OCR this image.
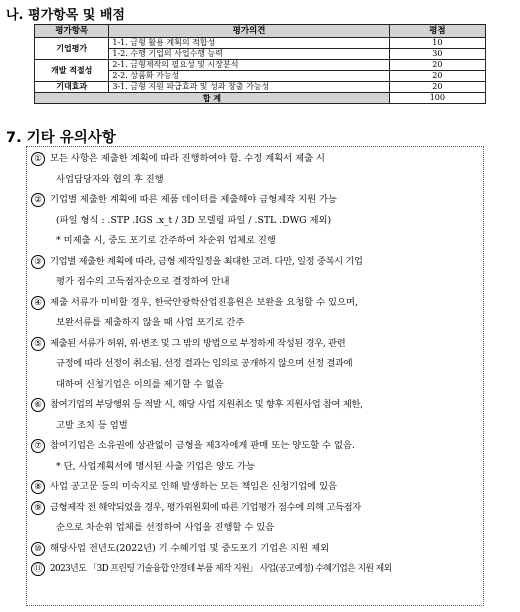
나. 평가항목 및 배점
평가항목	평가의견	평점
기업평가	1-1. 금형 활용 계획의 적합성	10
	1-2. 수행 기업의 사업수행 능력	30
개발 적절성	2-1. 금형제작의 필요성 및 시장분석	20
	2-2. 상품화 가능성	20
기대효과	3-1. 금형 지원 파급효과 및 성과 창출 가능성	20
합 계		100
7. 기타 유의사항
① 모든 사항은 제출한 계획에 따라 진행하여야 함. 수정 계획서 제출 시
사업담당자와 협의 후 진행
② 기업별 제출한 계획에 따른 제품 데이터를 제출해야 금형제작 지원 가능
(파일 형식 : .STP .IGS .x_t / 3D 모델링 파일 / .STL .DWG 제외)
* 미제출 시, 중도 포기로 간주하여 차순위 업체로 진행
③ 기업별 제출한 계획에 따라, 금형 제작일정을 최대한 고려. 다만, 일정 중복시 기업
평가 점수의 고득점자순으로 결정하여 안내
④ 제출 서류가 미비할 경우, 한국안광학산업진흥원은 보완을 요청할 수 있으며,
보완서류를 제출하지 않을 때 사업 포기로 간주
⑤ 제출된 서류가 허위, 위·변조 및 그 밖의 방법으로 부정하게 작성된 경우, 관련
규정에 따라 선정이 취소됨. 선정 결과는 임의로 공개하지 않으며 선정 결과에
대하여 신청기업은 이의를 제기할 수 없음
⑥ 참여기업의 부당행위 등 적발 시, 해당 사업 지원취소 및 향후 지원사업 참여 제한,
고발 조치 등 엄벌
⑦ 참여기업은 소유권에 상관없이 금형을 제3자에게 판매 또는 양도할 수 없음.
* 단, 사업계획서에 명시된 사출 기업은 양도 가능
⑧ 사업 공고문 등의 미숙지로 인해 발생하는 모든 책임은 신청기업에 있음
⑨ 금형제작 전 해약되었을 경우, 평가위원회에 따른 기업평가 점수에 의해 고득점자
순으로 차순위 업체를 선정하여 사업을 진행할 수 있음
⑩ 해당사업 전년도(2022년) 기 수혜기업 및 중도포기 기업은 지원 제외
⑪ 2023년도 「3D 프린팅 기술융합 안경테 부품 제작 지원」 사업(공고예정) 수혜기업은 지원 제외
